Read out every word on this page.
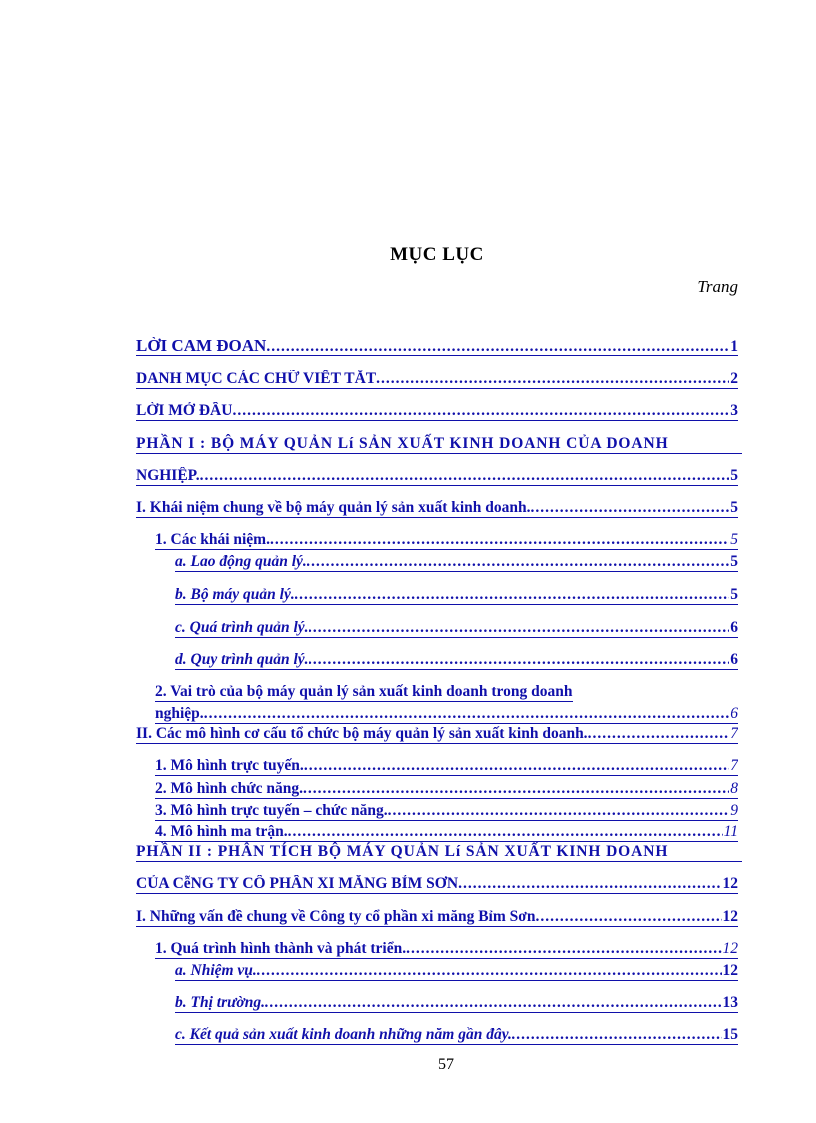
MỤC LỤC
Trang
LỜI CAM ĐOAN .....	1
DANH MỤC CÁC CHỮ VIẾT TẮT .....	2
LỜI MỞ ĐẦU .....	3
PHẦN I : BỘ MÁY QUẢN Lí SẢN XUẤT KINH DOANH CỦA DOANH
NGHIỆP. .....	5
I. Khái niệm chung về bộ máy quản lý sản xuất kinh doanh. .....	5
1. Các khái niệm. .....	5
a. Lao động quản lý. .....	5
b. Bộ máy quản lý. .....	5
c. Quá trình quản lý. .....	6
d. Quy trình quản lý. .....	6
2. Vai trò của bộ máy quản lý sản xuất kinh doanh trong doanh
nghiệp. .....	6
II. Các mô hình cơ cấu tổ chức bộ máy quản lý sản xuất kinh doanh. .....	7
1. Mô hình trực tuyến. .....	7
2. Mô hình chức năng. .....	8
3. Mô hình trực tuyến – chức năng. .....	9
4. Mô hình ma trận. .....	11
PHẦN II : PHÂN TÍCH BỘ MÁY QUẢN Lí SẢN XUẤT KINH DOANH
CỦA CễNG TY CỔ PHẦN XI MĂNG BỈM SƠN .....	12
I. Những vấn đề chung về Công ty cổ phần xi măng Bỉm Sơn .....	12
1. Quá trình hình thành và phát triển. .....	12
a. Nhiệm vụ. .....	12
b. Thị trường. .....	13
c. Kết quả sản xuất kinh doanh những năm gần đây. .....	15
57
